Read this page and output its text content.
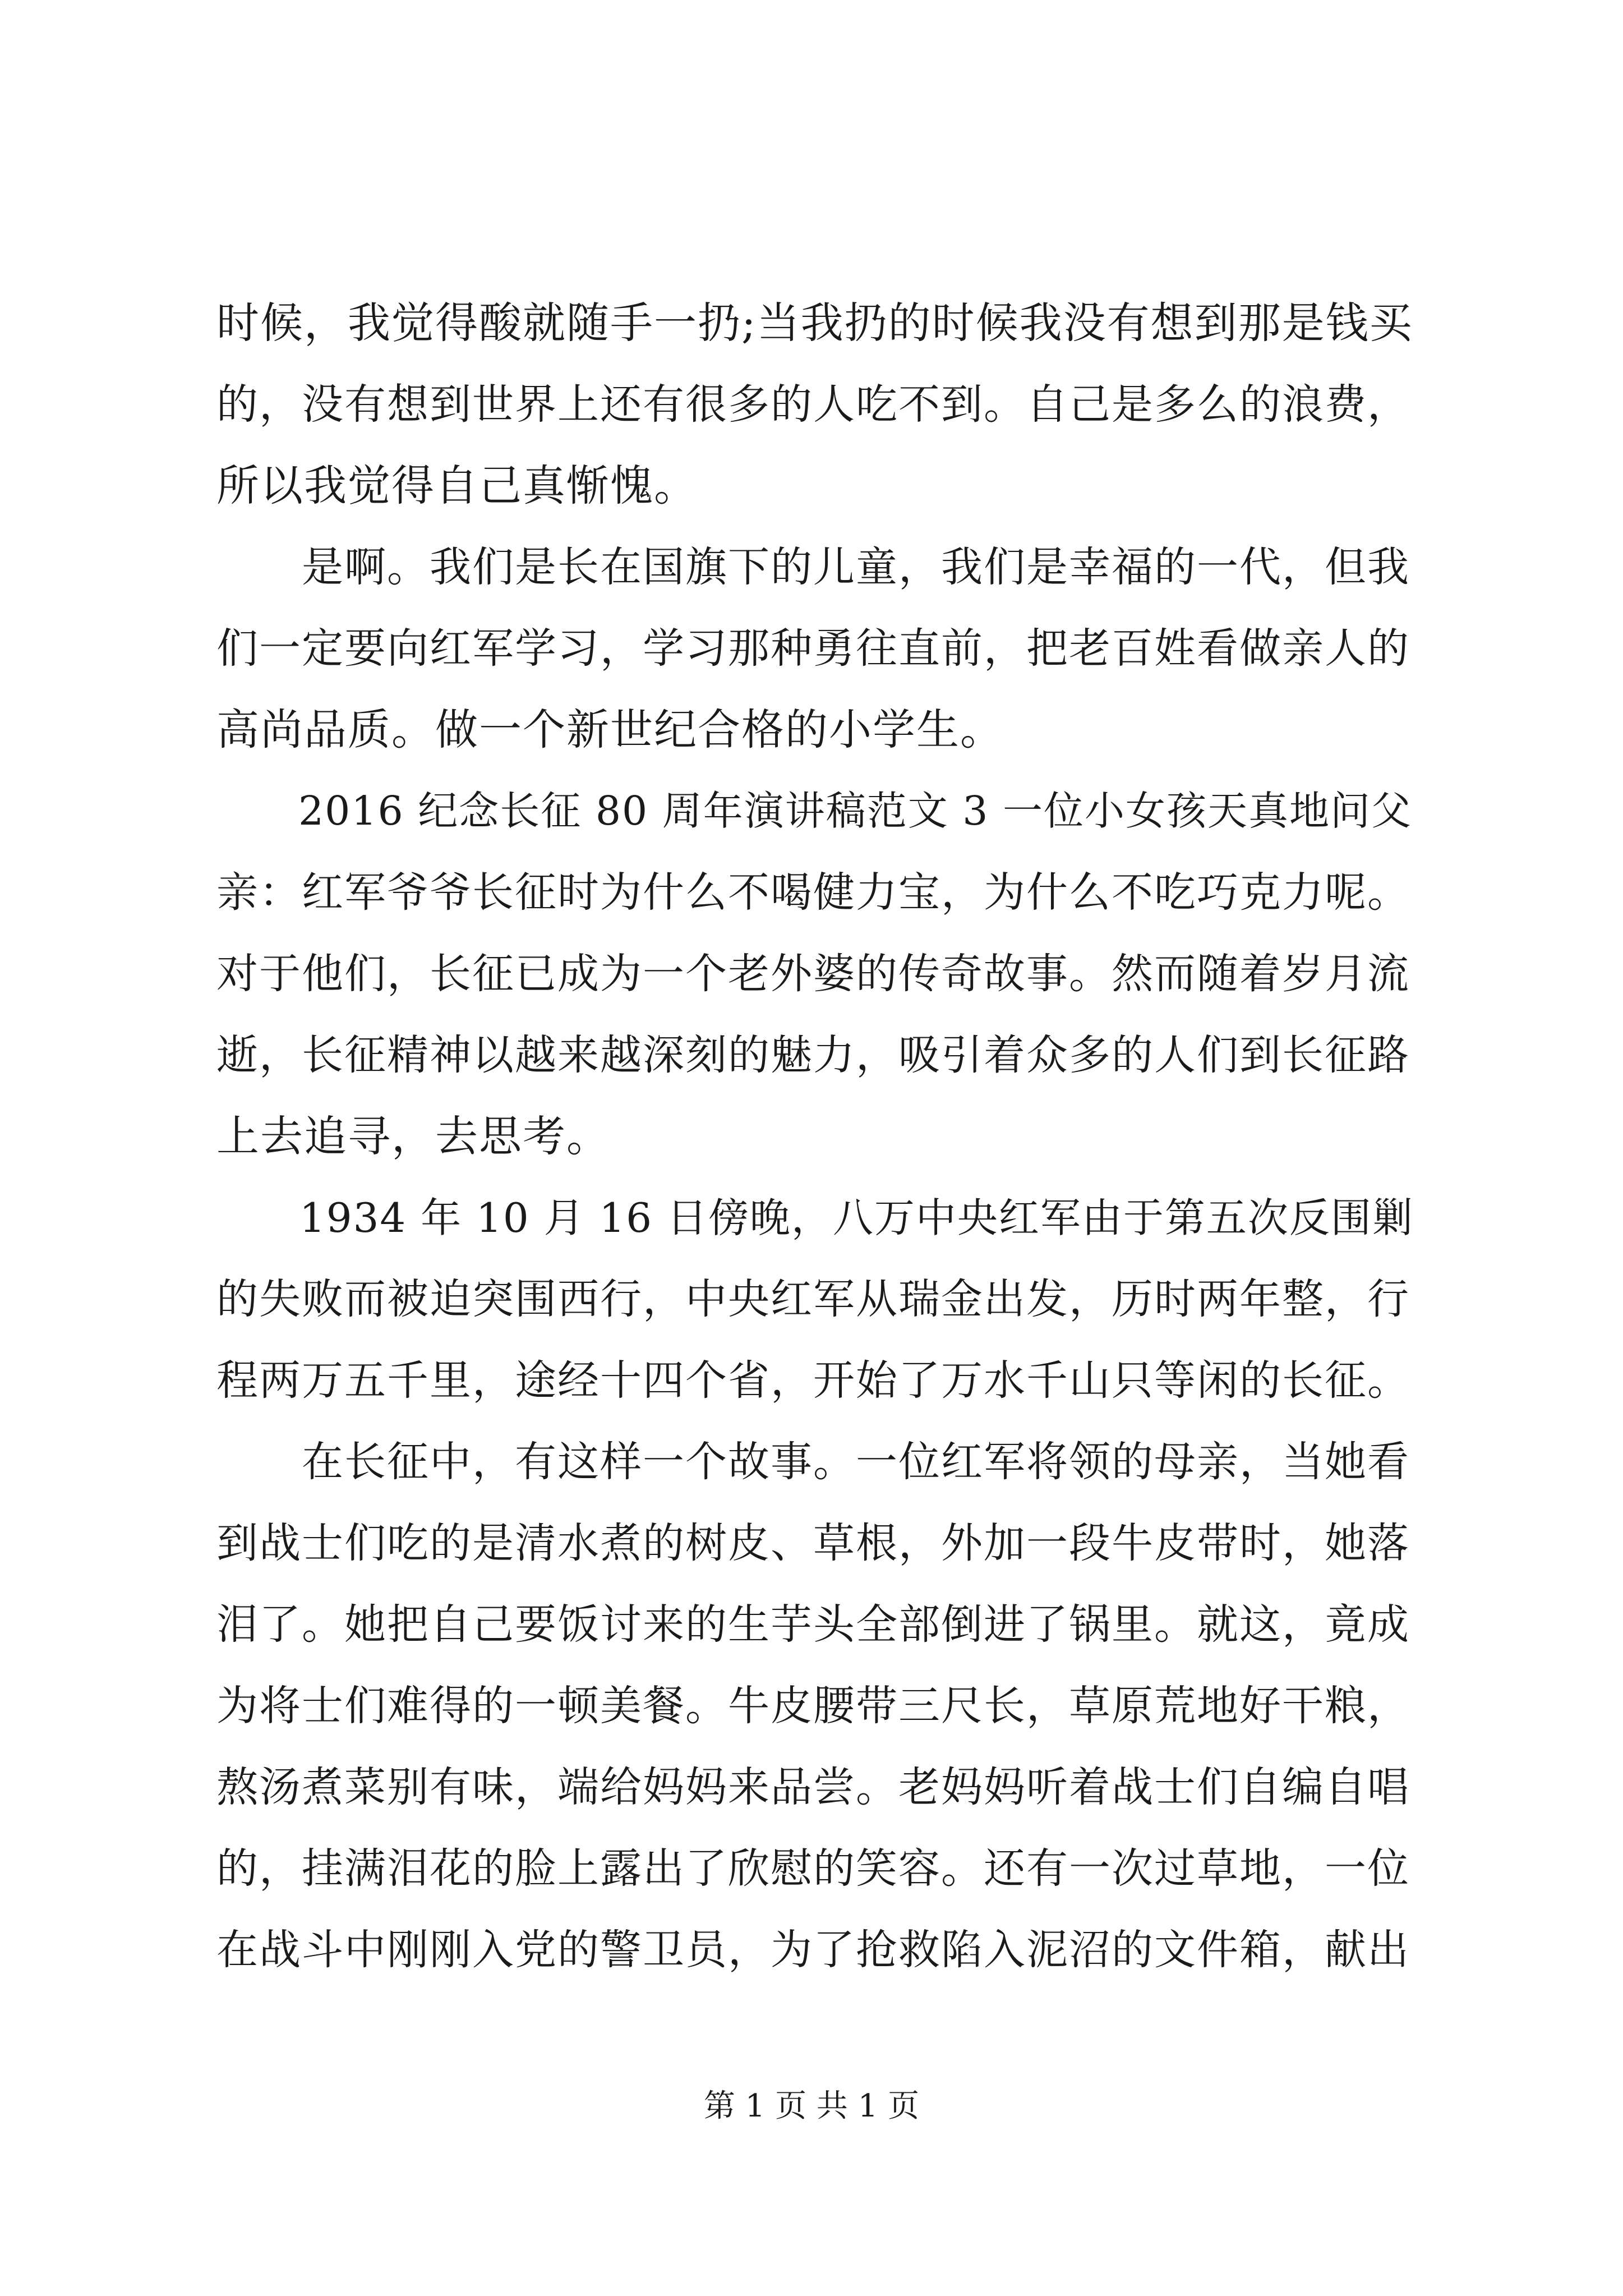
时候，我觉得酸就随手一扔;当我扔的时候我没有想到那是钱买
的，没有想到世界上还有很多的人吃不到。自己是多么的浪费，
所以我觉得自己真惭愧。
　　是啊。我们是长在国旗下的儿童，我们是幸福的一代，但我
们一定要向红军学习，学习那种勇往直前，把老百姓看做亲人的
高尚品质。做一个新世纪合格的小学生。
　　2016 纪念长征 80 周年演讲稿范文 3 一位小女孩天真地问父
亲：红军爷爷长征时为什么不喝健力宝，为什么不吃巧克力呢。
对于他们，长征已成为一个老外婆的传奇故事。然而随着岁月流
逝，长征精神以越来越深刻的魅力，吸引着众多的人们到长征路
上去追寻，去思考。
　　1934 年 10 月 16 日傍晚，八万中央红军由于第五次反围剿
的失败而被迫突围西行，中央红军从瑞金出发，历时两年整，行
程两万五千里，途经十四个省，开始了万水千山只等闲的长征。
　　在长征中，有这样一个故事。一位红军将领的母亲，当她看
到战士们吃的是清水煮的树皮、草根，外加一段牛皮带时，她落
泪了。她把自己要饭讨来的生芋头全部倒进了锅里。就这，竟成
为将士们难得的一顿美餐。牛皮腰带三尺长，草原荒地好干粮，
熬汤煮菜别有味，端给妈妈来品尝。老妈妈听着战士们自编自唱
的，挂满泪花的脸上露出了欣慰的笑容。还有一次过草地，一位
在战斗中刚刚入党的警卫员，为了抢救陷入泥沼的文件箱，献出
第 1 页 共 1 页
